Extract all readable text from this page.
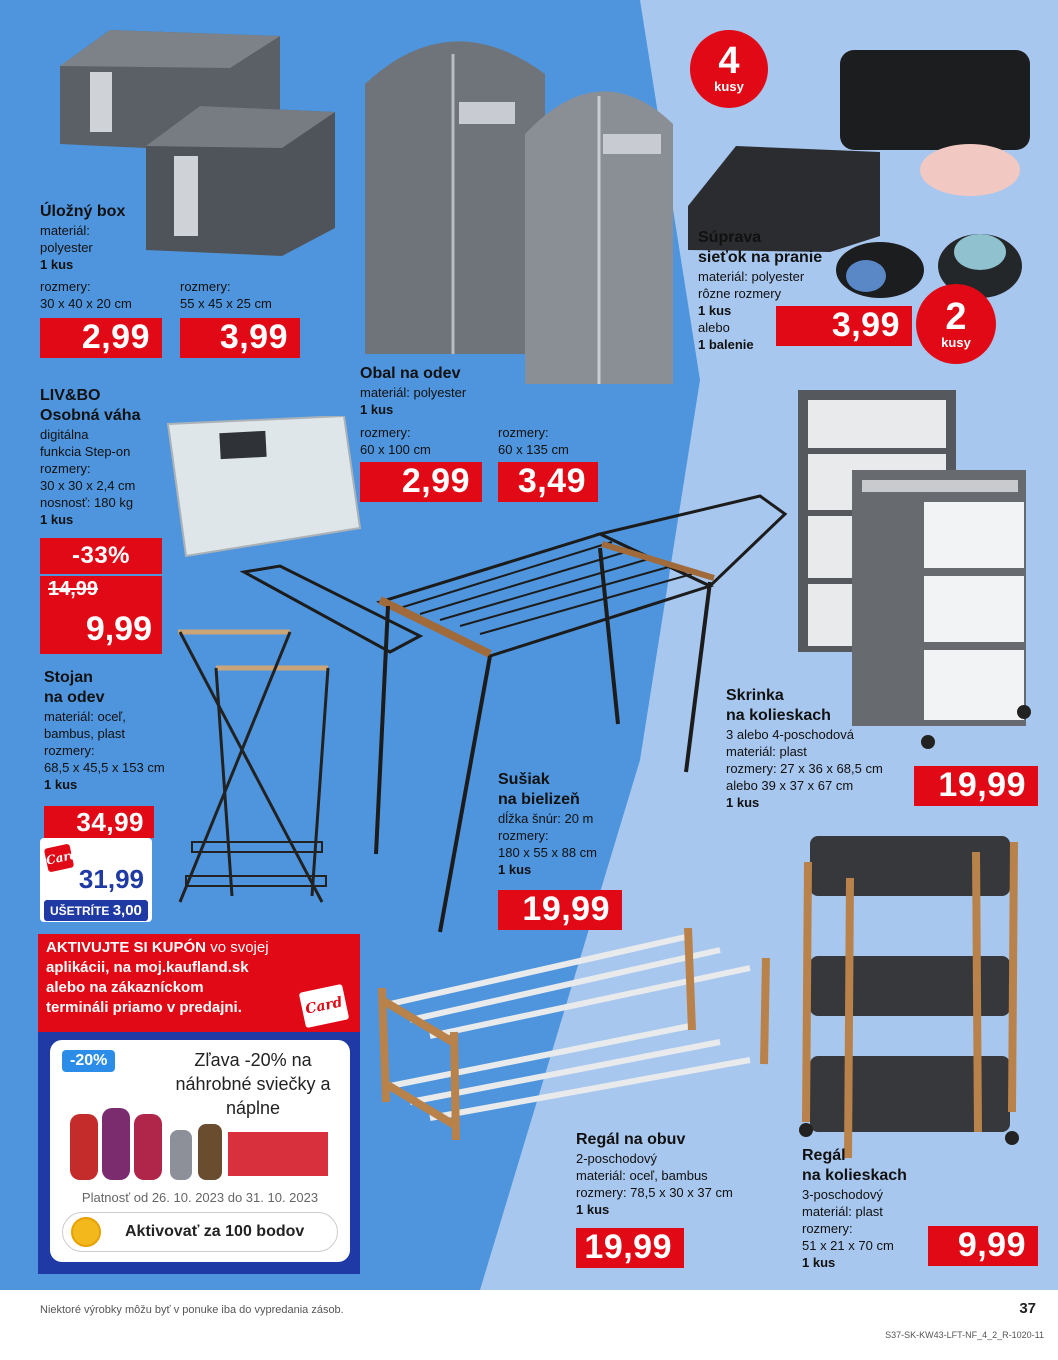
Úložný box
materiál:
polyester
1 kus
rozmery:
30 x 40 x 20 cm
2,99
rozmery:
55 x 45 x 25 cm
3,99
Obal na odev
materiál: polyester
1 kus
rozmery:
60 x 100 cm
2,99
rozmery:
60 x 135 cm
3,49
4
kusy
Súprava
sieťok na pranie
materiál: polyester
rôzne rozmery
1 kus
alebo
1 balenie
3,99	2
kusy
LIV&BO
Osobná váha
digitálna
funkcia Step-on
rozmery:
30 x 30 x 2,4 cm
nosnosť: 180 kg
1 kus
-33%
14,99
9,99
Stojan
na odev
materiál: oceľ,
bambus, plast
rozmery:
68,5 x 45,5 x 153 cm
1 kus
34,99
Card
31,99
UŠETRÍTE 3,00
Sušiak
na bielizeň
dĺžka šnúr: 20 m
rozmery:
180 x 55 x 88 cm
1 kus
19,99
Skrinka
na kolieskach
3 alebo 4-poschodová
materiál: plast
rozmery: 27 x 36 x 68,5 cm
alebo 39 x 37 x 67 cm
1 kus	19,99
Regál na obuv
2-poschodový
materiál: oceľ, bambus
rozmery: 78,5 x 30 x 37 cm
1 kus
19,99
Regál
na kolieskach
3-poschodový
materiál: plast
rozmery:
51 x 21 x 70 cm
1 kus	9,99
AKTIVUJTE SI KUPÓN vo svojej
aplikácii, na moj.kaufland.sk
alebo na zákazníckom
termináli priamo v predajni.	Card
-20%	Zľava -20% na náhrobné sviečky a náplne
Platnosť od 26. 10. 2023 do 31. 10. 2023
Aktivovať za 100 bodov
Niektoré výrobky môžu byť v ponuke iba do vypredania zásob.	37
S37-SK-KW43-LFT-NF_4_2_R-1020-11
